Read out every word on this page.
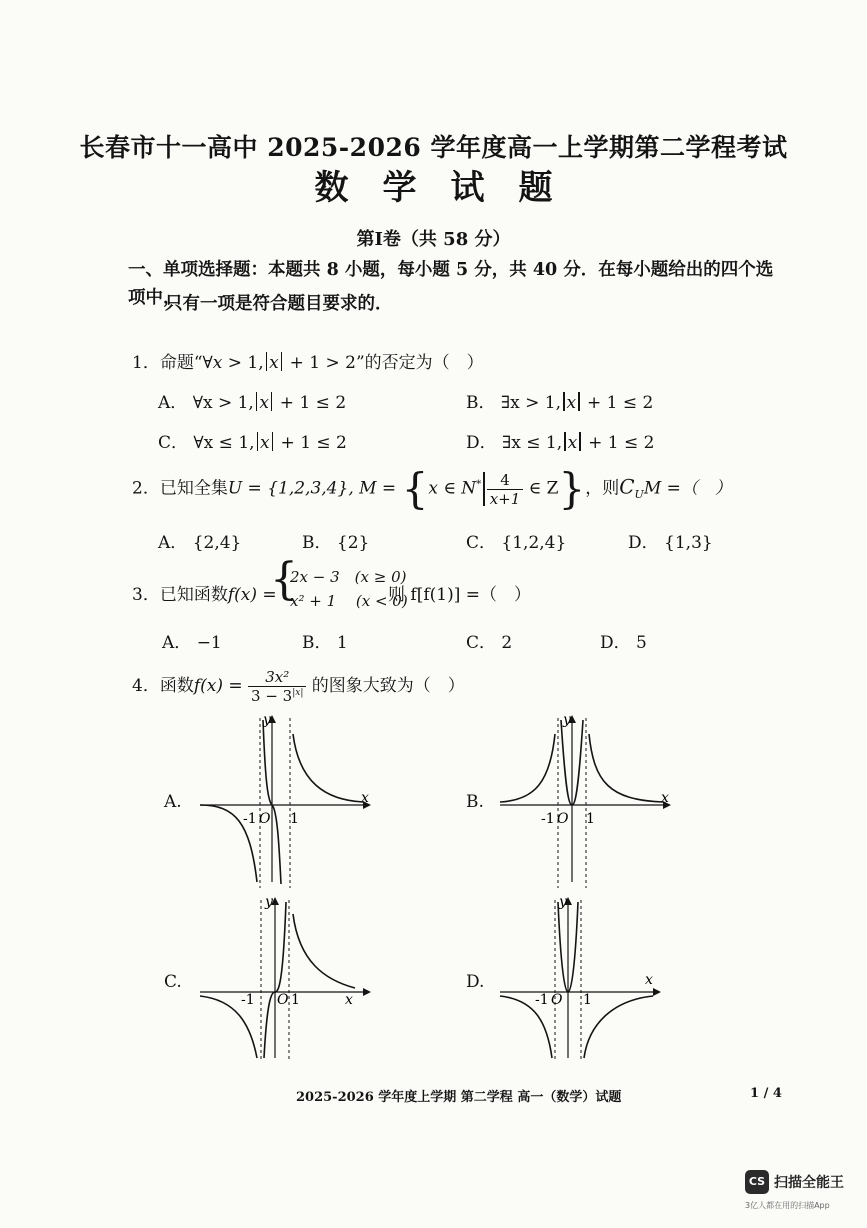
长春市十一高中 2025-2026 学年度高一上学期第二学程考试
数学试题
第Ⅰ卷（共 58 分）
一、单项选择题：本题共 8 小题，每小题 5 分，共 40 分．在每小题给出的四个选项中，
只有一项是符合题目要求的．
1．命题“∀x > 1, x + 1 > 2”的否定为（　）
A． ∀x > 1, x + 1 ≤ 2	B． ∃x > 1, x + 1 ≤ 2
C． ∀x ≤ 1, x + 1 ≤ 2	D． ∃x ≤ 1, x + 1 ≤ 2
2．已知全集U = {1,2,3,4}, M = {x ∈ $N^* \frac{4}{x+1}$ ∈ Z}，则$C_UM$ =（　）
A． {2,4}	B． {2}	C． {1,2,4}	D． {1,3}
3．已知函数f(x) =
{
2x − 3　(x ≥ 0)
x² + 1　 (x < 0)
则 f[f(1)] =（　）
A． −1	B． 1	C． 2	D． 5
4．函数$f(x) = \frac{\text{3x²}}{3 - 3^{|x|}}$ 的图象大致为（　）
A.	B.
C.	D.
y
x
-1 O 1
y
x
-1 O 1
y
x
-1 O 1
y
x
-1 O 1
2025-2026 学年度上学期 第二学程 高一（数学）试题	1 / 4
CS 扫描全能王
3亿人都在用的扫描App
